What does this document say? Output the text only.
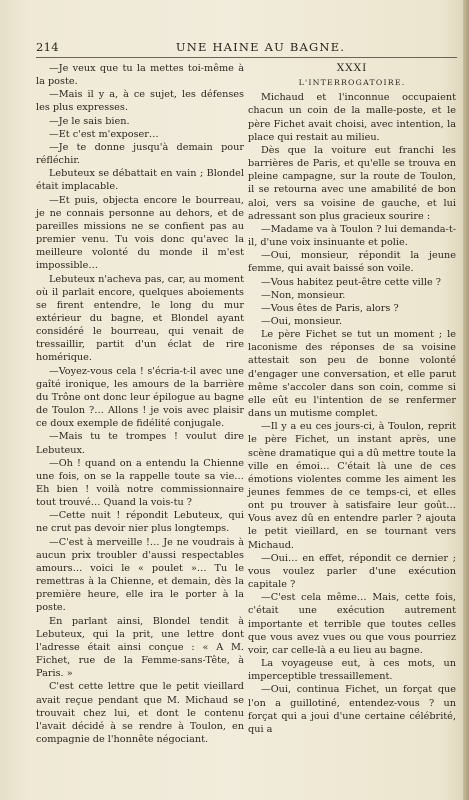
214	UNE HAINE AU BAGNE.

—Je veux que tu la mettes toi-même à la poste.

—Mais il y a, à ce sujet, les défenses les plus expresses.

—Je le sais bien.

—Et c'est m'exposer…

—Je te donne jusqu'à demain pour réfléchir.

Lebuteux se débattait en vain ; Blondel était implacable.

—Et puis, objecta encore le bourreau, je ne connais personne au dehors, et de pareilles missions ne se confient pas au premier venu. Tu vois donc qu'avec la meilleure volonté du monde il m'est impossible…

Lebuteux n'acheva pas, car, au moment où il parlait encore, quelques aboiements se firent entendre, le long du mur extérieur du bagne, et Blondel ayant considéré le bourreau, qui venait de tressaillir, partit d'un éclat de rire homérique.

—Voyez-vous cela ! s'écria-t-il avec une gaîté ironique, les amours de la barrière du Trône ont donc leur épilogue au bagne de Toulon ?… Allons ! je vois avec plaisir ce doux exemple de fidélité conjugale.

—Mais tu te trompes ! voulut dire Lebuteux.

—Oh ! quand on a entendu la Chienne une fois, on se la rappelle toute sa vie… Eh bien ! voilà notre commissionnaire tout trouvé… Quand la vois-tu ?

—Cette nuit ! répondit Lebuteux, qui ne crut pas devoir nier plus longtemps.

—C'est à merveille !… Je ne voudrais à aucun prix troubler d'aussi respectables amours… voici le « poulet »… Tu le remettras à la Chienne, et demain, dès la première heure, elle ira le porter à la poste.

En parlant ainsi, Blondel tendit à Lebuteux, qui la prit, une lettre dont l'adresse était ainsi conçue : « A M. Fichet, rue de la Femme-sans-Tête, à Paris. »

C'est cette lettre que le petit vieillard avait reçue pendant que M. Michaud se trouvait chez lui, et dont le contenu l'avait décidé à se rendre à Toulon, en compagnie de l'honnête négociant.

XXXI

L'INTERROGATOIRE.

Michaud et l'inconnue occupaient chacun un coin de la malle-poste, et le père Fichet avait choisi, avec intention, la place qui restait au milieu.

Dès que la voiture eut franchi les barrières de Paris, et qu'elle se trouva en pleine campagne, sur la route de Toulon, il se retourna avec une amabilité de bon aloi, vers sa voisine de gauche, et lui adressant son plus gracieux sourire :

—Madame va à Toulon ? lui demanda-t-il, d'une voix insinuante et polie.

—Oui, monsieur, répondit la jeune femme, qui avait baissé son voile.

—Vous habitez peut-être cette ville ?

—Non, monsieur.

—Vous êtes de Paris, alors ?

—Oui, monsieur.

Le père Fichet se tut un moment ; le laconisme des réponses de sa voisine attestait son peu de bonne volonté d'engager une conversation, et elle parut même s'accoler dans son coin, comme si elle eût eu l'intention de se renfermer dans un mutisme complet.

—Il y a eu ces jours-ci, à Toulon, reprit le père Fichet, un instant après, une scène dramatique qui a dû mettre toute la ville en émoi… C'était là une de ces émotions violentes comme les aiment les jeunes femmes de ce temps-ci, et elles ont pu trouver à satisfaire leur goût… Vous avez dû en entendre parler ? ajouta le petit vieillard, en se tournant vers Michaud.

—Oui… en effet, répondit ce dernier ; vous voulez parler d'une exécution capitale ?

—C'est cela même… Mais, cette fois, c'était une exécution autrement importante et terrible que toutes celles que vous avez vues ou que vous pourriez voir, car celle-là a eu lieu au bagne.

La voyageuse eut, à ces mots, un imperceptible tressaillement.

—Oui, continua Fichet, un forçat que l'on a guillotiné, entendez-vous ? un forçat qui a joui d'une certaine célébrité, qui a
